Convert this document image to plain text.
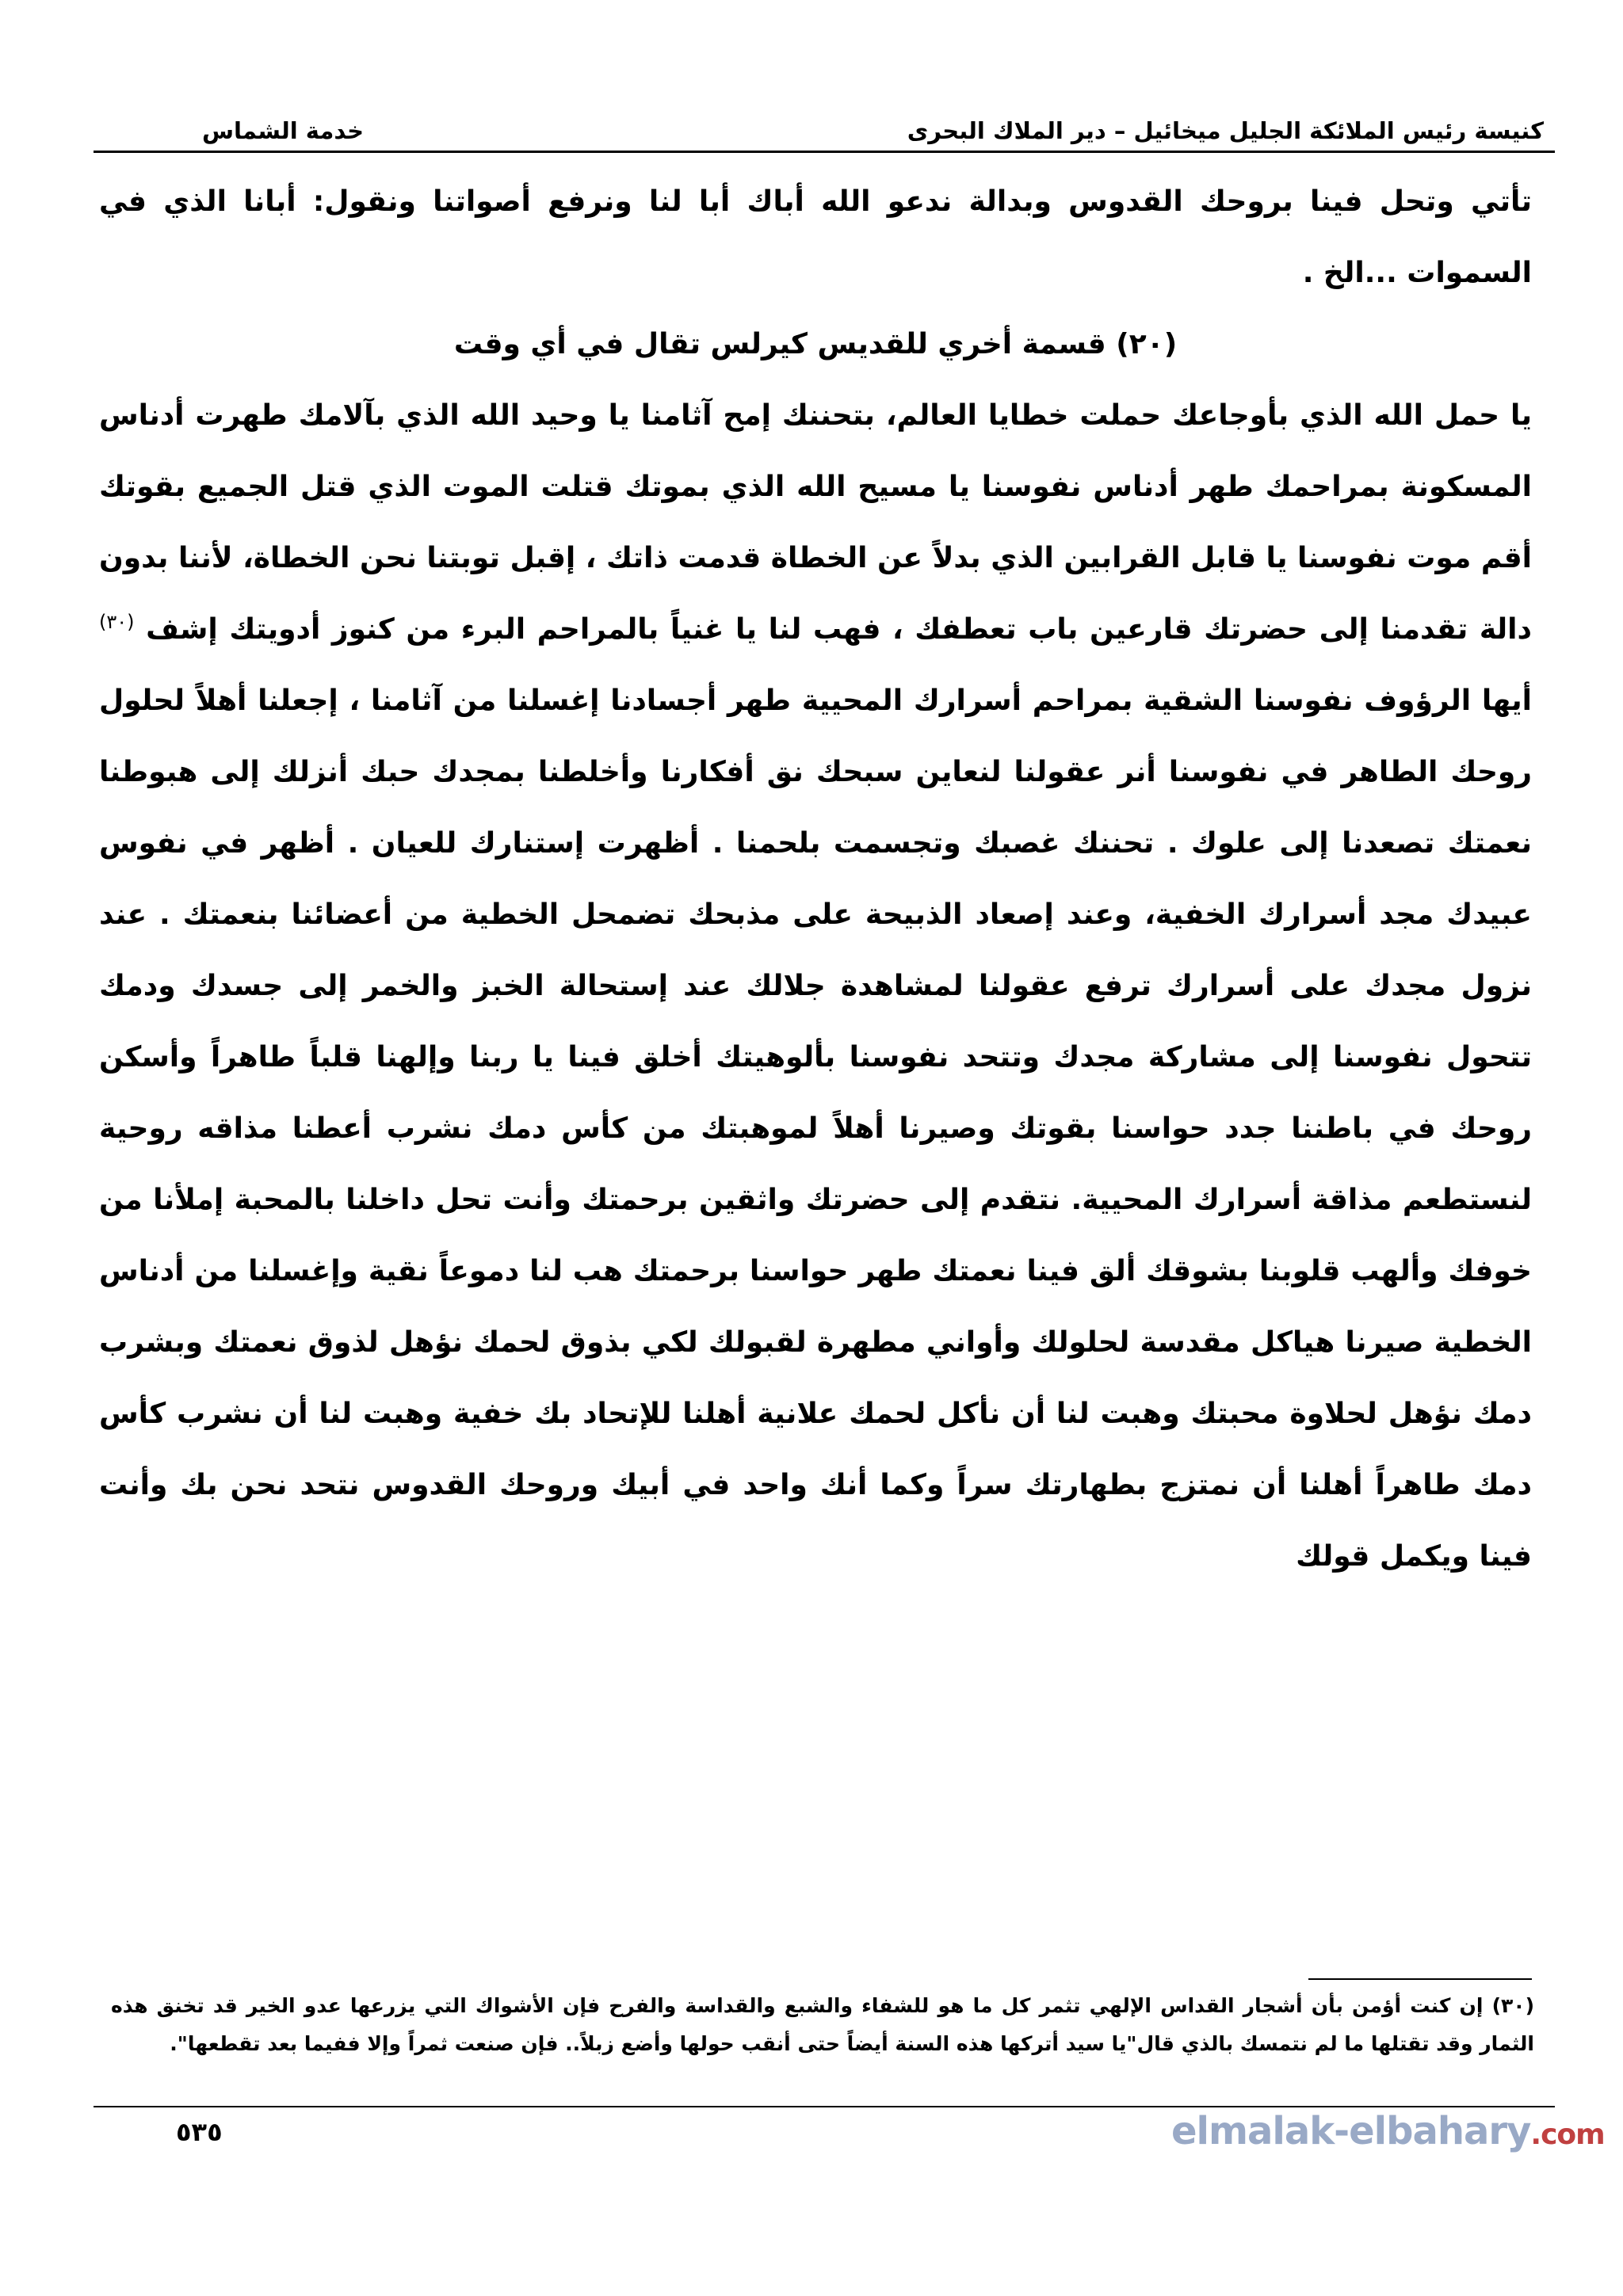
كنيسة رئيس الملائكة الجليل ميخائيل – دير الملاك البحرى
خدمة الشماس

تأتي وتحل فينا بروحك القدوس وبدالة ندعو الله أباك أبا لنا ونرفع أصواتنا ونقول: أبانا الذي في السموات ...الخ .

(٢٠) قسمة أخري للقديس كيرلس تقال في أي وقت

يا حمل الله الذي بأوجاعك حملت خطايا العالم، بتحننك إمح آثامنا يا وحيد الله الذي بآلامك طهرت أدناس المسكونة بمراحمك طهر أدناس نفوسنا يا مسيح الله الذي بموتك قتلت الموت الذي قتل الجميع بقوتك أقم موت نفوسنا يا قابل القرابين الذي بدلاً عن الخطاة قدمت ذاتك ، إقبل توبتنا نحن الخطاة، لأننا بدون دالة تقدمنا إلى حضرتك قارعين باب تعطفك ، فهب لنا يا غنياً بالمراحم البرء من كنوز أدويتك إشف $^{(٣٠)}$ أيها الرؤوف نفوسنا الشقية بمراحم أسرارك المحيية طهر أجسادنا إغسلنا من آثامنا ، إجعلنا أهلاً لحلول روحك الطاهر في نفوسنا أنر عقولنا لنعاين سبحك نق أفكارنا وأخلطنا بمجدك حبك أنزلك إلى هبوطنا نعمتك تصعدنا إلى علوك . تحننك غصبك وتجسمت بلحمنا . أظهرت إستنارك للعيان . أظهر في نفوس عبيدك مجد أسرارك الخفية، وعند إصعاد الذبيحة على مذبحك تضمحل الخطية من أعضائنا بنعمتك . عند نزول مجدك على أسرارك ترفع عقولنا لمشاهدة جلالك عند إستحالة الخبز والخمر إلى جسدك ودمك تتحول نفوسنا إلى مشاركة مجدك وتتحد نفوسنا بألوهيتك أخلق فينا يا ربنا وإلهنا قلباً طاهراً وأسكن روحك في باطننا جدد حواسنا بقوتك وصيرنا أهلاً لموهبتك من كأس دمك نشرب أعطنا مذاقه روحية لنستطعم مذاقة أسرارك المحيية. نتقدم إلى حضرتك واثقين برحمتك وأنت تحل داخلنا بالمحبة إملأنا من خوفك وألهب قلوبنا بشوقك ألق فينا نعمتك طهر حواسنا برحمتك هب لنا دموعاً نقية وإغسلنا من أدناس الخطية صيرنا هياكل مقدسة لحلولك وأواني مطهرة لقبولك لكي بذوق لحمك نؤهل لذوق نعمتك وبشرب دمك نؤهل لحلاوة محبتك وهبت لنا أن نأكل لحمك علانية أهلنا للإتحاد بك خفية وهبت لنا أن نشرب كأس دمك طاهراً أهلنا أن نمتزج بطهارتك سراً وكما أنك واحد في أبيك وروحك القدوس نتحد نحن بك وأنت فينا ويكمل قولك

(٣٠) إن كنت أؤمن بأن أشجار القداس الإلهي تثمر كل ما هو للشفاء والشبع والقداسة والفرح فإن الأشواك التي يزرعها عدو الخير قد تخنق هذه الثمار وقد تقتلها ما لم نتمسك بالذي قال"يا سيد أتركها هذه السنة أيضاً حتى أنقب حولها وأضع زبلاً.. فإن صنعت ثمراً وإلا ففيما بعد تقطعها".
٥٣٥	elmalak-elbahary.com
